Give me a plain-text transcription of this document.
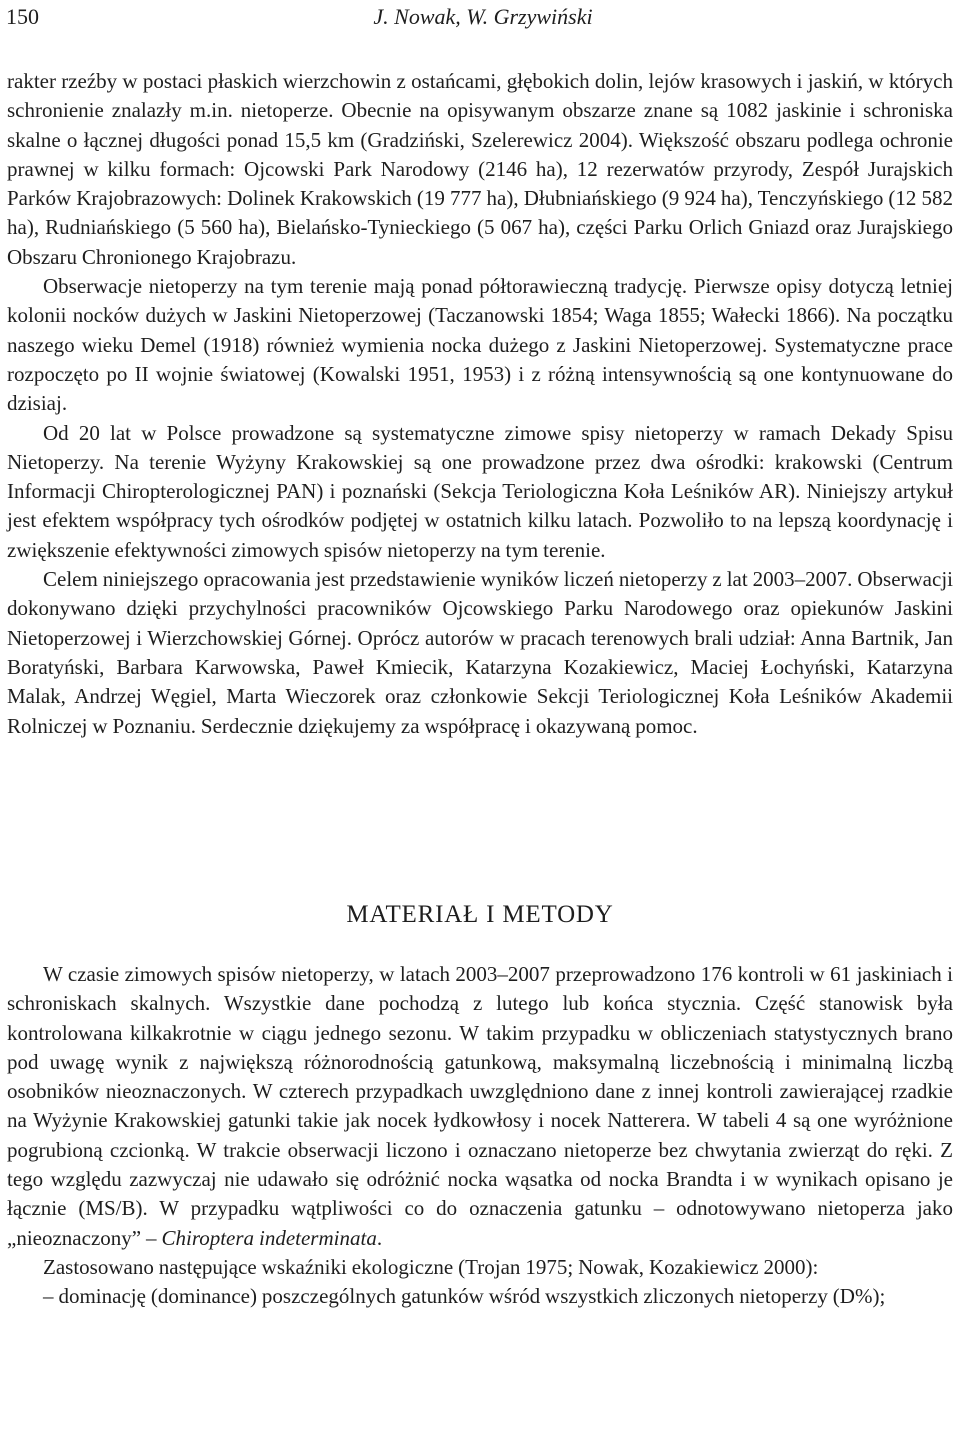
150	J. Nowak, W. Grzywiński

rakter rzeźby w postaci płaskich wierzchowin z ostańcami, głębokich dolin, lejów krasowych i jaskiń, w których schronienie znalazły m.in. nietoperze. Obecnie na opisywanym obszarze znane są 1082 jaskinie i schroniska skalne o łącznej długości ponad 15,5 km (Gradziński, Szelerewicz 2004). Większość obszaru podlega ochronie prawnej w kilku formach: Ojcowski Park Narodowy (2146 ha), 12 rezerwatów przyrody, Zespół Jurajskich Parków Krajobrazowych: Dolinek Krakowskich (19 777 ha), Dłubniańskiego (9 924 ha), Tenczyńskiego (12 582 ha), Rudniańskiego (5 560 ha), Bielańsko-Tynieckiego (5 067 ha), części Parku Orlich Gniazd oraz Jurajskiego Obszaru Chronionego Krajobrazu.

Obserwacje nietoperzy na tym terenie mają ponad półtorawieczną tradycję. Pierwsze opisy dotyczą letniej kolonii nocków dużych w Jaskini Nietoperzowej (Taczanowski 1854; Waga 1855; Wałecki 1866). Na początku naszego wieku Demel (1918) również wymienia nocka dużego z Jaskini Nietoperzowej. Systematyczne prace rozpoczęto po II wojnie światowej (Kowalski 1951, 1953) i z różną intensywnością są one kontynuowane do dzisiaj.

Od 20 lat w Polsce prowadzone są systematyczne zimowe spisy nietoperzy w ramach Dekady Spisu Nietoperzy. Na terenie Wyżyny Krakowskiej są one prowadzone przez dwa ośrodki: krakowski (Centrum Informacji Chiropterologicznej PAN) i poznański (Sekcja Teriologiczna Koła Leśników AR). Niniejszy artykuł jest efektem współpracy tych ośrodków podjętej w ostatnich kilku latach. Pozwoliło to na lepszą koordynację i zwiększenie efektywności zimowych spisów nietoperzy na tym terenie.

Celem niniejszego opracowania jest przedstawienie wyników liczeń nietoperzy z lat 2003–2007. Obserwacji dokonywano dzięki przychylności pracowników Ojcowskiego Parku Narodowego oraz opiekunów Jaskini Nietoperzowej i Wierzchowskiej Górnej. Oprócz autorów w pracach terenowych brali udział: Anna Bartnik, Jan Boratyński, Barbara Karwowska, Paweł Kmiecik, Katarzyna Kozakiewicz, Maciej Łochyński, Katarzyna Malak, Andrzej Węgiel, Marta Wieczorek oraz członkowie Sekcji Teriologicznej Koła Leśników Akademii Rolniczej w Poznaniu. Serdecznie dziękujemy za współpracę i okazywaną pomoc.

MATERIAŁ I METODY

W czasie zimowych spisów nietoperzy, w latach 2003–2007 przeprowadzono 176 kontroli w 61 jaskiniach i schroniskach skalnych. Wszystkie dane pochodzą z lutego lub końca stycznia. Część stanowisk była kontrolowana kilkakrotnie w ciągu jednego sezonu. W takim przypadku w obliczeniach statystycznych brano pod uwagę wynik z największą różnorodnością gatunkową, maksymalną liczebnością i minimalną liczbą osobników nieoznaczonych. W czterech przypadkach uwzględniono dane z innej kontroli zawierającej rzadkie na Wyżynie Krakowskiej gatunki takie jak nocek łydkowłosy i nocek Natterera. W tabeli 4 są one wyróżnione pogrubioną czcionką. W trakcie obserwacji liczono i oznaczano nietoperze bez chwytania zwierząt do ręki. Z tego względu zazwyczaj nie udawało się odróżnić nocka wąsatka od nocka Brandta i w wynikach opisano je łącznie (MS/B). W przypadku wątpliwości co do oznaczenia gatunku – odnotowywano nietoperza jako „nieoznaczony” – Chiroptera indeterminata.

Zastosowano następujące wskaźniki ekologiczne (Trojan 1975; Nowak, Kozakiewicz 2000):

– dominację (dominance) poszczególnych gatunków wśród wszystkich zliczonych nietoperzy (D%);
